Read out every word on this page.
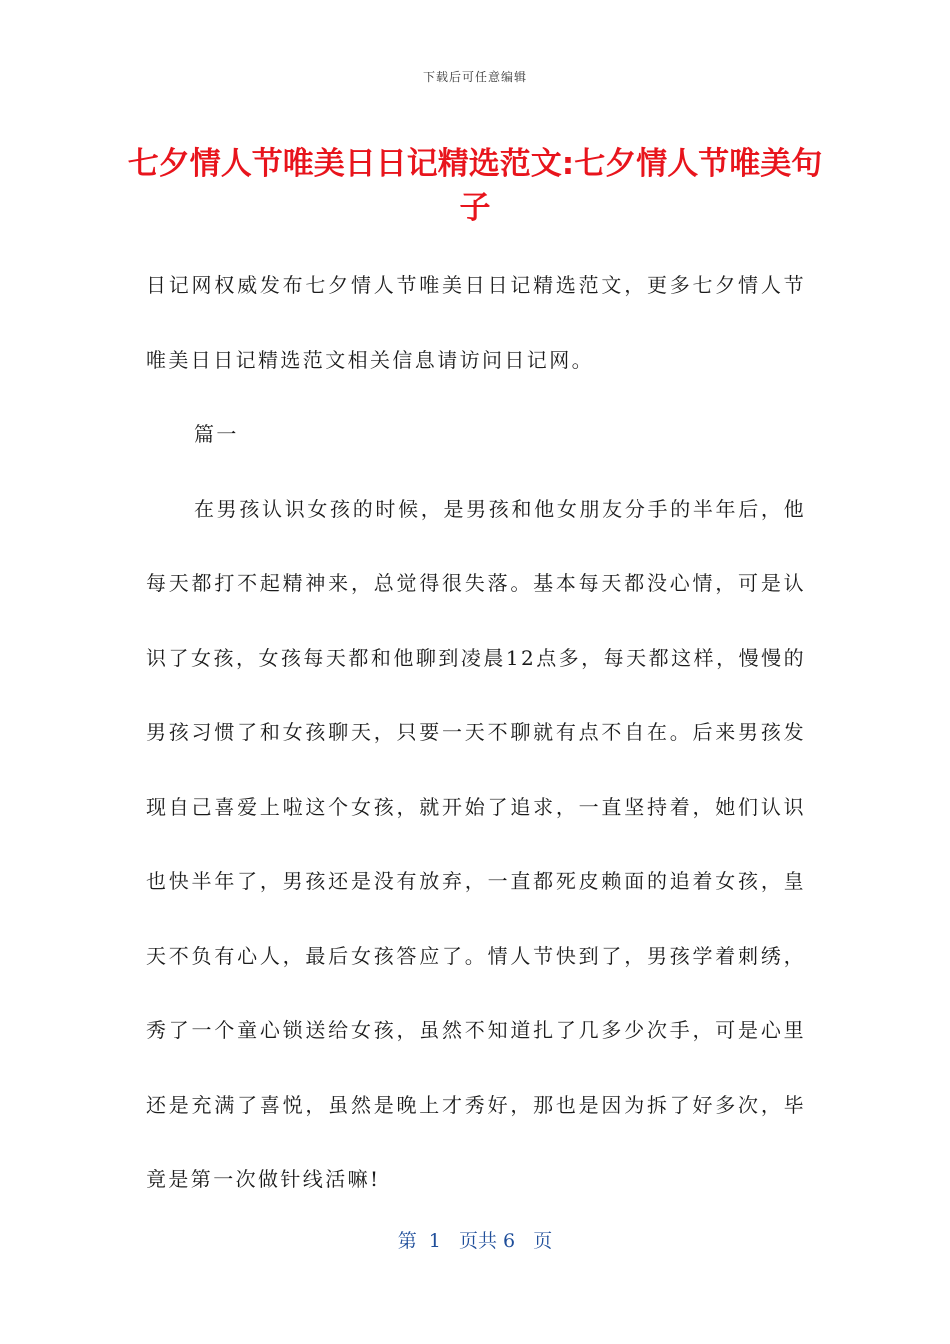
下载后可任意编辑
七夕情人节唯美日日记精选范文:七夕情人节唯美句子

日记网权威发布七夕情人节唯美日日记精选范文，更多七夕情人节唯美日日记精选范文相关信息请访问日记网。

篇一

在男孩认识女孩的时候，是男孩和他女朋友分手的半年后，他每天都打不起精神来，总觉得很失落。基本每天都没心情，可是认识了女孩，女孩每天都和他聊到凌晨12点多，每天都这样，慢慢的男孩习惯了和女孩聊天，只要一天不聊就有点不自在。后来男孩发现自己喜爱上啦这个女孩，就开始了追求，一直坚持着，她们认识也快半年了，男孩还是没有放弃，一直都死皮赖面的追着女孩，皇天不负有心人，最后女孩答应了。情人节快到了，男孩学着刺绣，秀了一个童心锁送给女孩，虽然不知道扎了几多少次手，可是心里还是充满了喜悦，虽然是晚上才秀好，那也是因为拆了好多次，毕竟是第一次做针线活嘛!

第  1   页共 6   页
